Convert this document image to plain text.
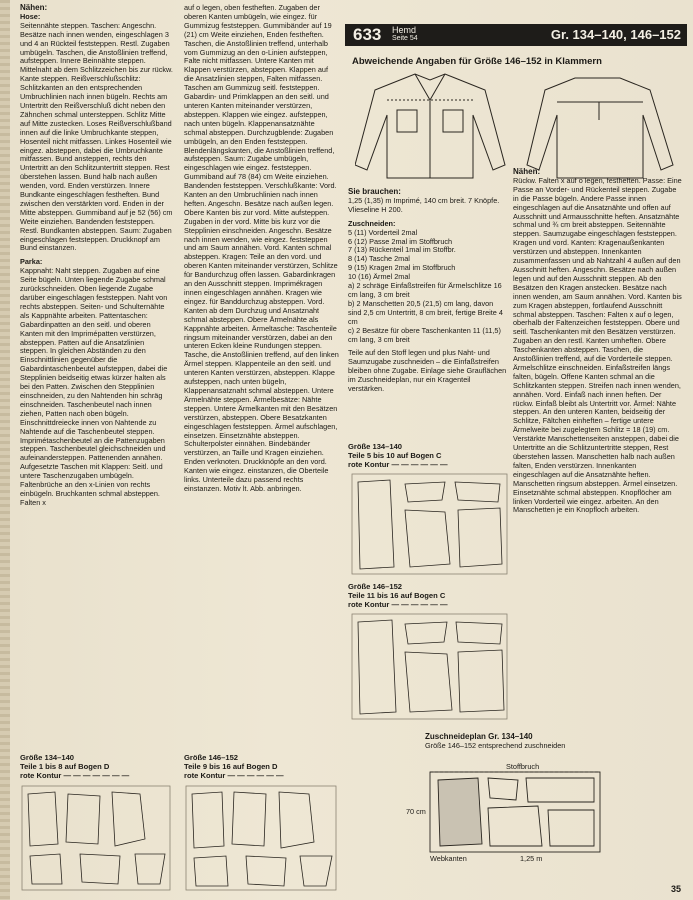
Nähen:
Hose:
Seitennähte steppen. Taschen: Angeschn. Besätze nach innen wenden, eingeschlagen 3 und 4 an Rückteil feststeppen. Restl. Zugaben umbügeln. Taschen, die Anstoßlinien treffend, aufsteppen. Innere Beinnähte steppen. Mittelnaht ab dem Schlitzzeichen bis zur rückw. Kante steppen. Reißverschlußschlitz: Schlitzkanten an den entsprechenden Umbruchlinien nach innen bügeln. Rechts am Untertritt den Reißverschluß dicht neben den Zähnchen schmal untersteppen. Schlitz Mitte auf Mitte zustecken. Loses Reißverschlußband innen auf die linke Umbruchkante steppen, Hosenteil nicht mitfassen. Linkes Hosenteil wie eingez. absteppen, dabei die Umbruchkante mitfassen. Bund ansteppen, rechts den Untertritt an den Schlitzuntertritt steppen. Rest überstehen lassen. Bund halb nach außen wenden, vord. Enden verstürzen. Innere Bundkante eingeschlagen festheften. Bund zwischen den verstärkten vord. Enden in der Mitte absteppen. Gummiband auf je 52 (56) cm Weite einziehen. Bandenden feststeppen. Restl. Bundkanten absteppen. Saum: Zugaben eingeschlagen feststeppen. Druckknopf am Bund einstanzen.

Parka:
Kappnaht: Naht steppen. Zugaben auf eine Seite bügeln. Unten liegende Zugabe schmal zurückschneiden. Oben liegende Zugabe darüber eingeschlagen feststeppen. Naht von rechts absteppen. Seiten- und Schulternähte als Kappnähte arbeiten. Pattentaschen: Gabardinpatten an den seitl. und oberen Kanten mit den Imprimépatten verstürzen, absteppen. Patten auf die Ansatzlinien steppen. In gleichen Abständen zu den Einschnittlinien gegenüber die Gabardintaschenbeutel aufsteppen, dabei die Stepplinien beidseitig etwas kürzer halten als bei den Patten. Zwischen den Stepplinien einschneiden, zu den Nahtenden hin schräg einschneiden. Taschenbeutel nach innen ziehen, Patten nach oben bügeln. Einschnittdreiecke innen von Nahtende zu Nahtende auf die Taschenbeutel steppen. Imprimétaschenbeutel an die Pattenzugaben steppen. Taschenbeutel gleichschneiden und aufeinandersteppen. Pattenenden annähen. Aufgesetzte Taschen mit Klappen: Seitl. und untere Taschenzugaben umbügeln. Faltenbrüche an den x-Linien von rechts einbügeln. Bruchkanten schmal absteppen. Falten x

auf o legen, oben festheften. Zugaben der oberen Kanten umbügeln, wie eingez. für Gummizug feststeppen. Gummibänder auf 19 (21) cm Weite einziehen, Enden festheften. Taschen, die Anstoßlinien treffend, unterhalb vom Gummizug an den o-Linien aufsteppen, Falte nicht mitfassen. Untere Kanten mit Klappen verstürzen, absteppen. Klappen auf die Ansatzlinien steppen, Falten mitfassen. Taschen am Gummizug seitl. feststeppen. Gabardin- und Primklappen an den seitl. und unteren Kanten miteinander verstürzen, absteppen. Klappen wie eingez. aufsteppen, nach unten bügeln. Klappenansatznähte schmal absteppen. Durchzugblende: Zugaben umbügeln, an den Enden feststeppen. Blendenlängskanten, die Anstoßlinien treffend, aufsteppen. Saum: Zugabe umbügeln, eingeschlagen wie eingez. feststeppen. Gummiband auf 78 (84) cm Weite einziehen. Bandenden feststeppen. Verschlußkante: Vord. Kanten an den Umbruchlinien nach innen heften. Angeschn. Besätze nach außen legen. Obere Kanten bis zur vord. Mitte aufsteppen. Zugaben in der vord. Mitte bis kurz vor die Stepplinien einschneiden. Angeschn. Besätze nach innen wenden, wie eingez. feststeppen und am Saum annähen. Vord. Kanten schmal absteppen. Kragen: Teile an den vord. und oberen Kanten miteinander verstürzen, Schlitze für Bandurchzug offen lassen. Gabardinkragen an den Ausschnitt steppen. Imprimékragen innen eingeschlagen annähen. Kragen wie eingez. für Banddurchzug absteppen. Vord. Kanten ab dem Durchzug und Ansatznaht schmal absteppen. Obere Ärmelnähte als Kappnähte arbeiten. Ärmeltasche: Taschenteile ringsum miteinander verstürzen, dabei an den unteren Ecken kleine Rundungen steppen. Tasche, die Anstoßlinien treffend, auf den linken Ärmel steppen. Klappenteile an den seitl. und unteren Kanten verstürzen, absteppen. Klappe aufsteppen, nach unten bügeln, Klappenansatznaht schmal absteppen. Untere Ärmelnähte steppen. Ärmelbesätze: Nähte steppen. Untere Ärmelkanten mit den Besätzen verstürzen, absteppen. Obere Besatzkanten eingeschlagen feststeppen. Ärmel aufschlagen, einsetzen. Einsetznähte absteppen. Schulterpolster einnähen. Bindebänder verstürzen, an Taille und Kragen einziehen. Enden verknoten. Druckknöpfe an den vord. Kanten wie eingez. einstanzen, die Oberteile links. Unterteile dazu passend rechts einstanzen. Motiv lt. Abb. anbringen.

633 Hemd
Seite 54	Gr. 134–140, 146–152
Abweichende Angaben für Größe 146–152 in Klammern

Sie brauchen:
1,25 (1,35) m Imprimé, 140 cm breit. 7 Knöpfe. Vlieseline H 200.

Zuschneiden:
5 (11) Vorderteil 2mal
6 (12) Passe 2mal im Stoffbruch
7 (13) Rückenteil 1mal im Stoffbr.
8 (14) Tasche 2mal
9 (15) Kragen 2mal im Stoffbruch
10 (16) Ärmel 2mal
a) 2 schräge Einfaßstreifen für Ärmelschlitze 16 cm lang, 3 cm breit
b) 2 Manschetten 20,5 (21,5) cm lang, davon sind 2,5 cm Untertritt, 8 cm breit, fertige Breite 4 cm
c) 2 Besätze für obere Taschenkanten 11 (11,5) cm lang, 3 cm breit

Teile auf den Stoff legen und plus Naht- und Saumzugabe zuschneiden – die Einfaßstreifen bleiben ohne Zugabe. Einlage siehe Grauflächen im Zuschneideplan, nur ein Kragenteil verstärken.

Nähen:
Rückw. Falten x auf o legen, festheften. Passe: Eine Passe an Vorder- und Rückenteil steppen. Zugabe in die Passe bügeln. Andere Passe innen eingeschlagen auf die Ansatznähte und offen auf Ausschnitt und Armausschnitte heften. Ansatznähte schmal und ¾ cm breit absteppen. Seitennähte steppen. Saumzugabe eingeschlagen feststeppen. Kragen und vord. Kanten: Kragenaußenkanten verstürzen und absteppen. Innenkanten zusammenfassen und ab Nahtzahl 4 außen auf den Ausschnitt heften. Angeschn. Besätze nach außen legen und auf den Ausschnitt steppen. Ab den Besätzen den Kragen anstecken. Besätze nach innen wenden, am Saum annähen. Vord. Kanten bis zum Kragen absteppen, fortlaufend Ausschnitt schmal absteppen. Taschen: Falten x auf o legen, oberhalb der Faltenzeichen feststeppen. Obere und seitl. Taschenkanten mit den Besätzen verstürzen. Zugaben an den restl. Kanten umheften. Obere Taschenkanten absteppen. Taschen, die Anstoßlinien treffend, auf die Vorderteile steppen. Ärmelschlitze einschneiden. Einfaßstreifen längs falten, bügeln. Offene Kanten schmal an die Schlitzkanten steppen. Streifen nach innen wenden, annähen. Vord. Einfaß nach innen heften. Der rückw. Einfaß bleibt als Untertritt vor. Ärmel: Nähte steppen. An den unteren Kanten, beidseitig der Schlitze, Fältchen einheften – fertige untere Ärmelweite bei zugelegtem Schlitz = 18 (19) cm. Verstärkte Manschettenseiten ansteppen, dabei die Untertritte an die Schlitzuntertritte steppen, Rest überstehen lassen. Manschetten halb nach außen falten, Enden verstürzen. Innenkanten eingeschlagen auf die Ansatznähte heften. Manschetten ringsum absteppen. Ärmel einsetzen. Einsetznähte schmal absteppen. Knopflöcher am linken Vorderteil wie eingez. arbeiten. An den Manschetten je ein Knopfloch arbeiten.

Größe 134–140
Teile 1 bis 8 auf Bogen D
rote Kontur — — — — — — —
Größe 146–152
Teile 9 bis 16 auf Bogen D
rote Kontur — — — — — —
Größe 134–140
Teile 5 bis 10 auf Bogen C
rote Kontur — — — — — —
Größe 146–152
Teile 11 bis 16 auf Bogen C
rote Kontur — — — — — —
Zuschneideplan Gr. 134–140
Größe 146–152 entsprechend zuschneiden
Stoffbruch
70 cm
Webkanten	1,25 m
35
